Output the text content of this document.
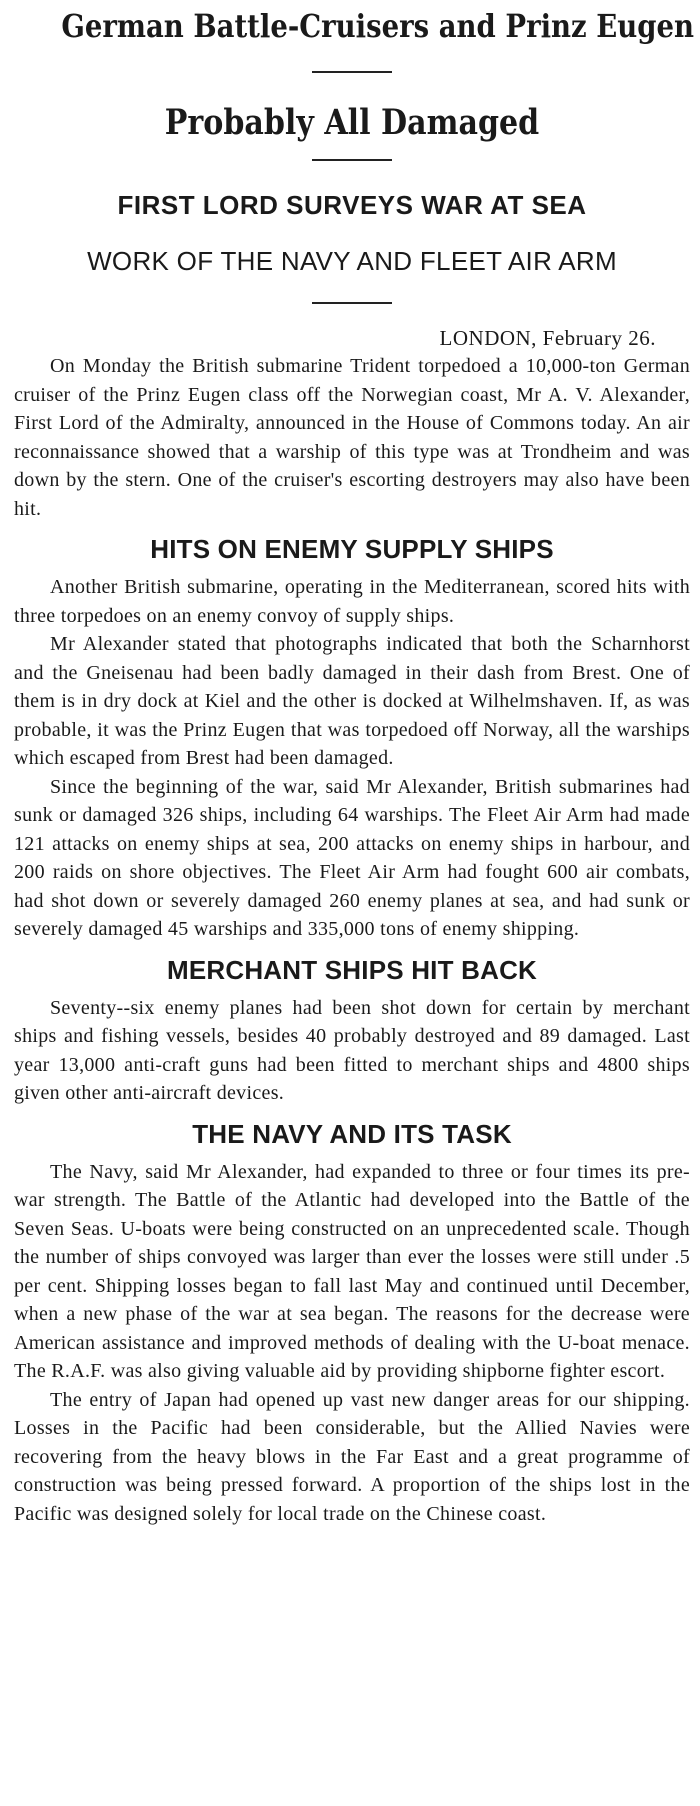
German Battle-Cruisers and Prinz Eugen
Probably All Damaged
FIRST LORD SURVEYS WAR AT SEA
WORK OF THE NAVY AND FLEET AIR ARM
LONDON, February 26.

On Monday the British submarine Trident torpedoed a 10,000-ton German cruiser of the Prinz Eugen class off the Norwegian coast, Mr A. V. Alexander, First Lord of the Admiralty, announced in the House of Commons today. An air reconnaissance showed that a warship of this type was at Trondheim and was down by the stern. One of the cruiser's escorting destroyers may also have been hit.

HITS ON ENEMY SUPPLY SHIPS

Another British submarine, operating in the Mediterranean, scored hits with three torpedoes on an enemy convoy of supply ships.

Mr Alexander stated that photographs indicated that both the Scharnhorst and the Gneisenau had been badly damaged in their dash from Brest. One of them is in dry dock at Kiel and the other is docked at Wilhelmshaven. If, as was probable, it was the Prinz Eugen that was torpedoed off Norway, all the warships which escaped from Brest had been damaged.

Since the beginning of the war, said Mr Alexander, British submarines had sunk or damaged 326 ships, including 64 warships. The Fleet Air Arm had made 121 attacks on enemy ships at sea, 200 attacks on enemy ships in harbour, and 200 raids on shore objectives. The Fleet Air Arm had fought 600 air combats, had shot down or severely damaged 260 enemy planes at sea, and had sunk or severely damaged 45 warships and 335,000 tons of enemy shipping.

MERCHANT SHIPS HIT BACK

Seventy--six enemy planes had been shot down for certain by merchant ships and fishing vessels, besides 40 probably destroyed and 89 damaged. Last year 13,000 anti-craft guns had been fitted to merchant ships and 4800 ships given other anti-aircraft devices.

THE NAVY AND ITS TASK

The Navy, said Mr Alexander, had expanded to three or four times its pre-war strength. The Battle of the Atlantic had developed into the Battle of the Seven Seas. U-boats were being constructed on an unprecedented scale. Though the number of ships convoyed was larger than ever the losses were still under .5 per cent. Shipping losses began to fall last May and continued until December, when a new phase of the war at sea began. The reasons for the decrease were American assistance and improved methods of dealing with the U-boat menace. The R.A.F. was also giving valuable aid by providing shipborne fighter escort.

The entry of Japan had opened up vast new danger areas for our shipping. Losses in the Pacific had been considerable, but the Allied Navies were recovering from the heavy blows in the Far East and a great programme of construction was being pressed forward. A proportion of the ships lost in the Pacific was designed solely for local trade on the Chinese coast.
